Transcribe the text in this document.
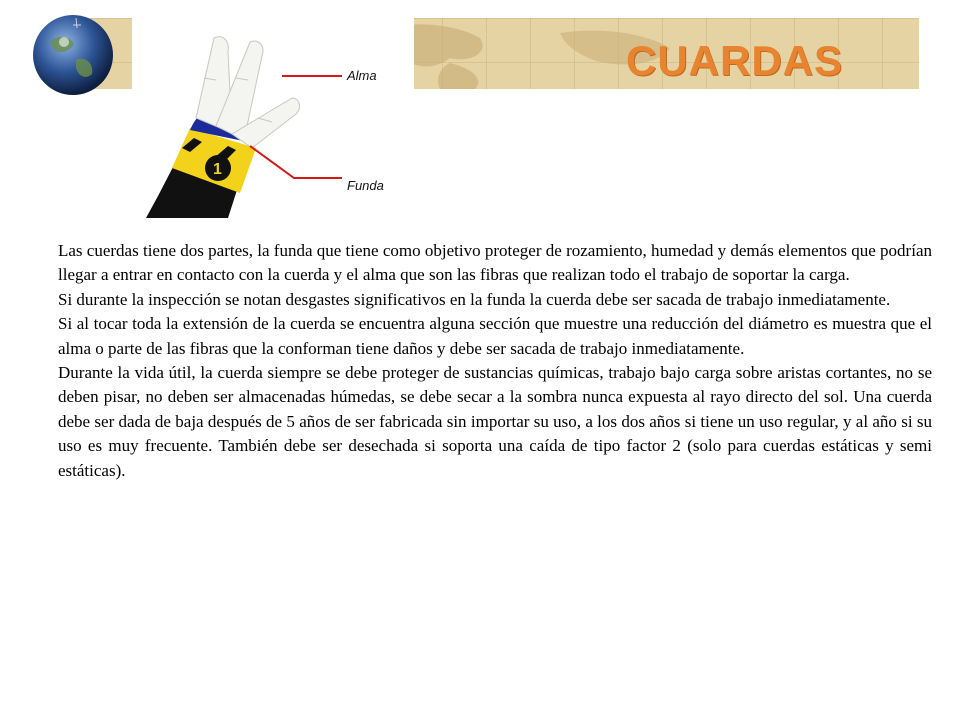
CUARDAS
1
Alma
Funda

Las cuerdas tiene dos partes, la funda que tiene como objetivo proteger de rozamiento, humedad y demás elementos que podrían llegar a entrar en contacto con la cuerda y el alma que son las fibras que realizan todo el trabajo de soportar la carga.

Si durante la inspección se notan desgastes significativos en la funda la cuerda debe ser sacada de trabajo inmediatamente.

Si al tocar toda la extensión de la cuerda se encuentra alguna sección que muestre una reducción del diámetro es muestra que el alma o parte de las fibras que la conforman tiene daños y debe ser sacada de trabajo inmediatamente.

Durante la vida útil, la cuerda siempre se debe proteger de sustancias químicas, trabajo bajo carga sobre aristas cortantes, no se deben pisar, no deben ser almacenadas húmedas, se debe secar a la sombra nunca expuesta al rayo directo del sol. Una cuerda debe ser dada de baja después de 5 años de ser fabricada sin importar su uso, a los dos años si tiene un uso regular, y al año si su uso es muy frecuente. También debe ser desechada si soporta una caída de tipo factor 2 (solo para cuerdas estáticas y semi estáticas).
